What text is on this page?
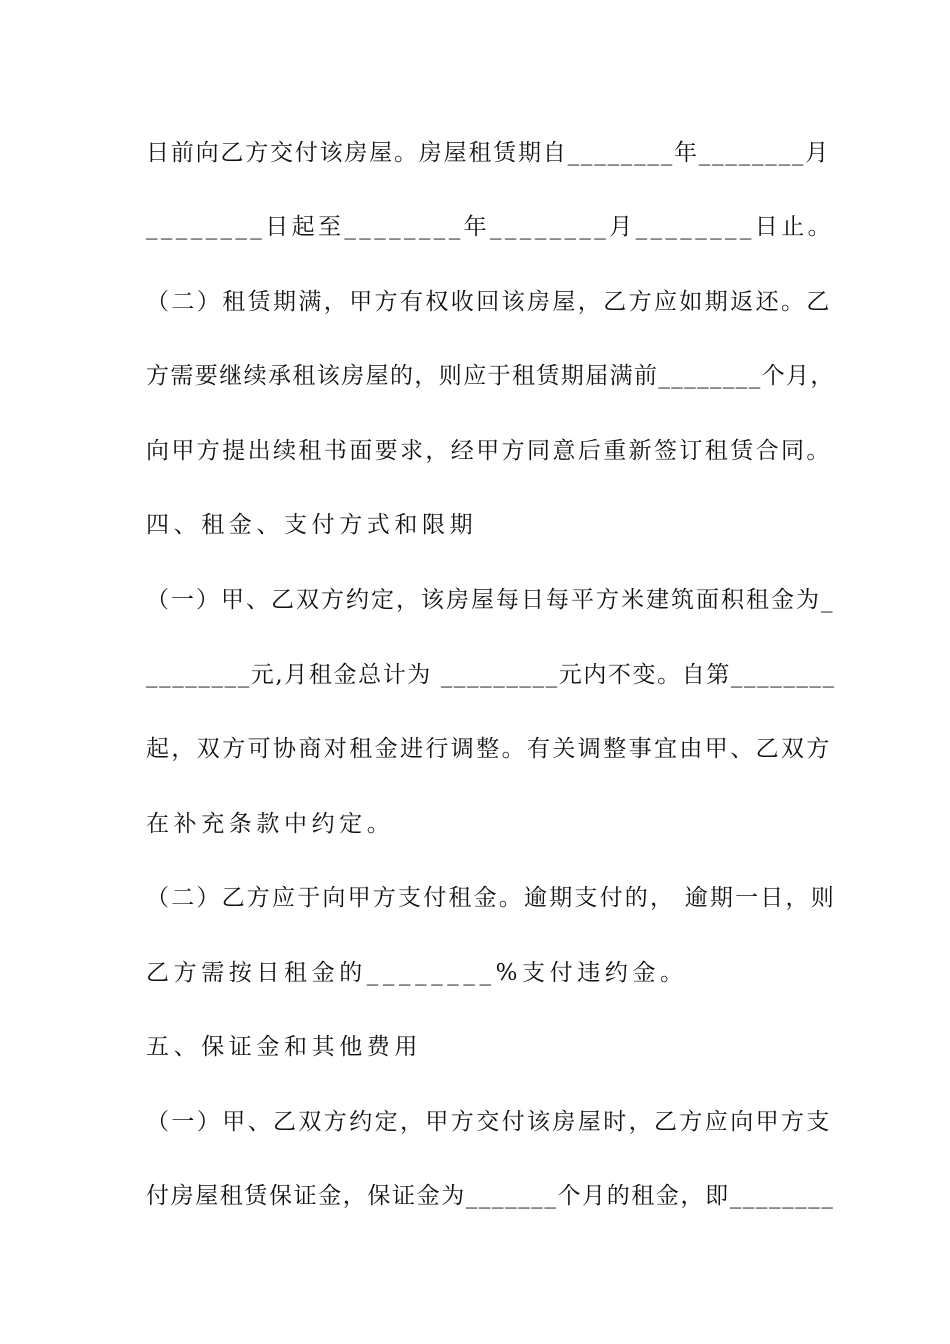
日前向乙方交付该房屋。房屋租赁期自________年________月
________日起至________年________月________日止。
（二）租赁期满，甲方有权收回该房屋，乙方应如期返还。乙
方需要继续承租该房屋的，则应于租赁期届满前________个月，
向甲方提出续租书面要求，经甲方同意后重新签订租赁合同。
四、租金、支付方式和限期
（一）甲、乙双方约定，该房屋每日每平方米建筑面积租金为_
________元,月租金总计为 _________元内不变。自第________
起，双方可协商对租金进行调整。有关调整事宜由甲、乙双方
在补充条款中约定。
（二）乙方应于向甲方支付租金。逾期支付的， 逾期一日，则
乙方需按日租金的________%支付违约金。
五、保证金和其他费用
（一）甲、乙双方约定，甲方交付该房屋时，乙方应向甲方支
付房屋租赁保证金，保证金为_______个月的租金，即________
